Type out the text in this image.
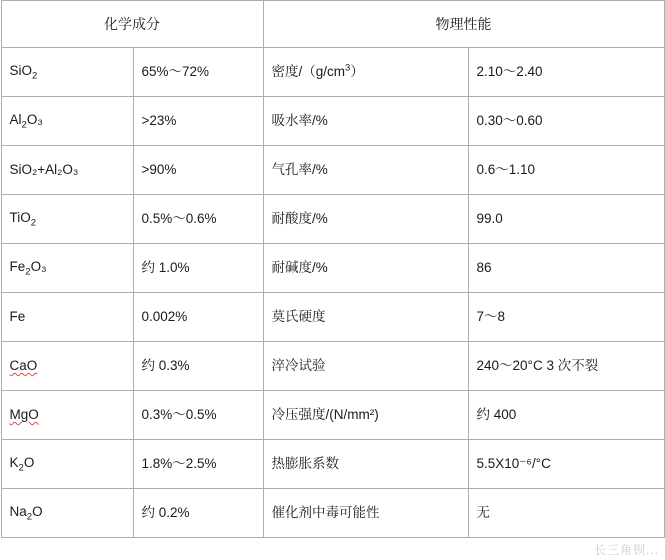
化学成分		物理性能	
SiO$_2$	65%～72%	密度$/(g/cm^3)$	2.10～2.40
$Al_2O_3$	>23%	吸水率/%	0.30～0.60
SiO₂+Al₂O₃	>90%	气孔率/%	0.6～1.10
TiO$_2$	0.5%～0.6%	耐酸度/%	99.0
$Fe_2O_3$	约 1.0%	耐碱度/%	86
Fe	0.002%	莫氏硬度	7～8
CaO	约 0.3%	淬冷试验	240～20°C 3 次不裂
MgO	0.3%～0.5%	冷压强度/(N/mm²)	约 400
$K_2O$	1.8%～2.5%	热膨胀系数	5.5X10⁻⁶/°C
$Na_2O$	约 0.2%	催化剂中毒可能性	无
长三角钡...
